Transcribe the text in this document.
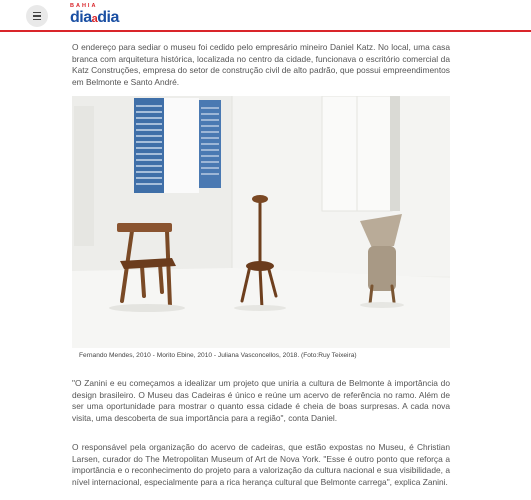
BAHIA
diaadia

O endereço para sediar o museu foi cedido pelo empresário mineiro Daniel Katz. No local, uma casa branca com arquitetura histórica, localizada no centro da cidade, funcionava o escritório comercial da Katz Construções, empresa do setor de construção civil de alto padrão, que possui empreendimentos em Belmonte e Santo André.

Fernando Mendes, 2010 - Morito Ebine, 2010 - Juliana Vasconcellos, 2018. (Foto:Ruy Teixeira)

"O Zanini e eu começamos a idealizar um projeto que uniria a cultura de Belmonte à importância do design brasileiro. O Museu das Cadeiras é único e reúne um acervo de referência no ramo. Além de ser uma oportunidade para mostrar o quanto essa cidade é cheia de boas surpresas. A cada nova visita, uma descoberta de sua importância para a região", conta Daniel.

O responsável pela organização do acervo de cadeiras, que estão expostas no Museu, é Christian Larsen, curador do The Metropolitan Museum of Art de Nova York. "Esse é outro ponto que reforça a importância e o reconhecimento do projeto para a valorização da cultura nacional e sua visibilidade, a nível internacional, especialmente para a rica herança cultural que Belmonte carrega", explica Zanini.
